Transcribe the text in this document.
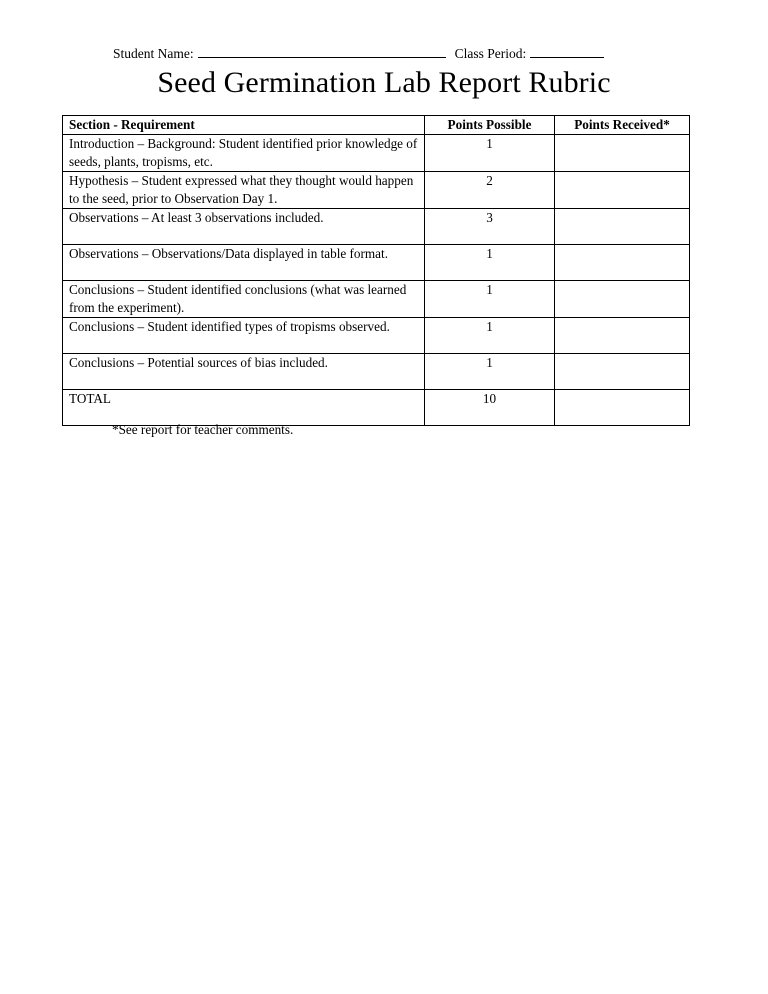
Student Name:	Class Period:
Seed Germination Lab Report Rubric
Section - Requirement	Points Possible	Points Received*
Introduction – Background: Student identified prior knowledge of seeds, plants, tropisms, etc.	1	
Hypothesis – Student expressed what they thought would happen to the seed, prior to Observation Day 1.	2	
Observations – At least 3 observations included.	3	
Observations – Observations/Data displayed in table format.	1	
Conclusions – Student identified conclusions (what was learned from the experiment).	1	
Conclusions – Student identified types of tropisms observed.	1	
Conclusions – Potential sources of bias included.	1	
TOTAL	10	
*See report for teacher comments.
